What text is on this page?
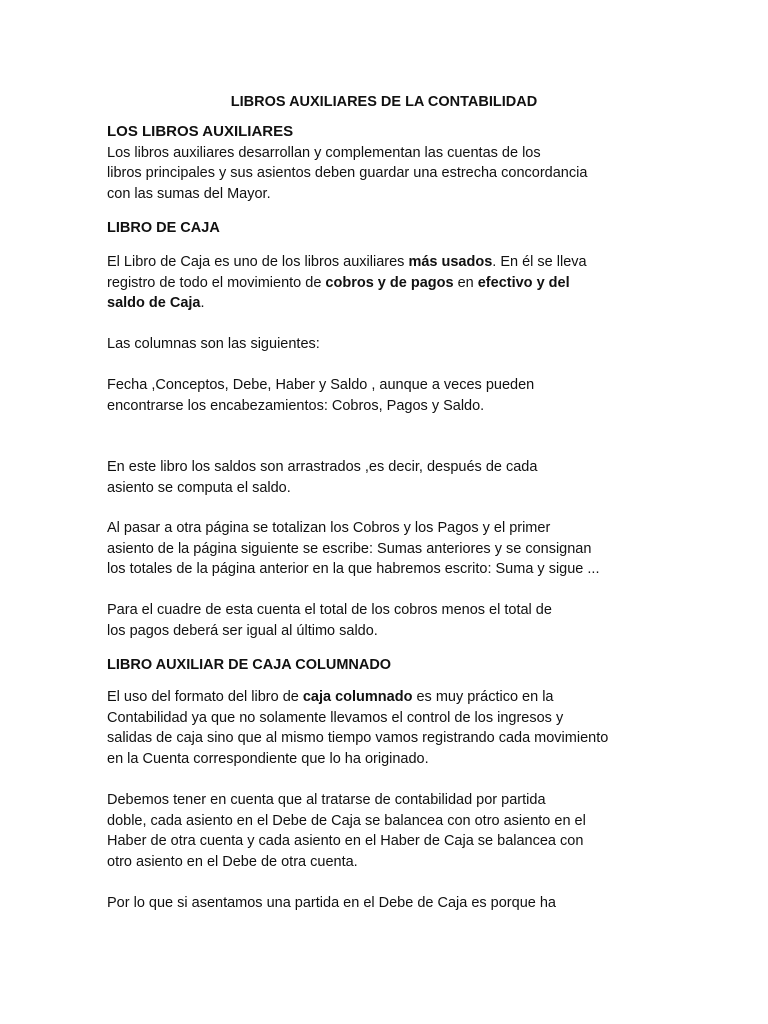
LIBROS AUXILIARES DE LA CONTABILIDAD
LOS LIBROS AUXILIARES
Los libros auxiliares desarrollan y complementan las cuentas de los
libros principales y sus asientos deben guardar una estrecha concordancia
con las sumas del Mayor.
LIBRO DE CAJA
El Libro de Caja es uno de los libros auxiliares más usados. En él se lleva
registro de todo el movimiento de cobros y de pagos en efectivo y del
saldo de Caja.
Las columnas son las siguientes:
Fecha ,Conceptos, Debe, Haber y Saldo , aunque a veces pueden
encontrarse los encabezamientos: Cobros, Pagos y Saldo.
En este libro los saldos son arrastrados ,es decir, después de cada
asiento se computa el saldo.
Al pasar a otra página se totalizan los Cobros y los Pagos y el primer
asiento de la página siguiente se escribe: Sumas anteriores y se consignan
los totales de la página anterior en la que habremos escrito: Suma y sigue ...
Para el cuadre de esta cuenta el total de los cobros menos el total de
los pagos deberá ser igual al último saldo.
LIBRO AUXILIAR DE CAJA COLUMNADO
El uso del formato del libro de caja columnado es muy práctico en la
Contabilidad ya que no solamente llevamos el control de los ingresos y
salidas de caja sino que al mismo tiempo vamos registrando cada movimiento
en la Cuenta correspondiente que lo ha originado.
Debemos tener en cuenta que al tratarse de contabilidad por partida
doble, cada asiento en el Debe de Caja se balancea con otro asiento en el
Haber de otra cuenta y cada asiento en el Haber de Caja se balancea con
otro asiento en el Debe de otra cuenta.
Por lo que si asentamos una partida en el Debe de Caja es porque ha
